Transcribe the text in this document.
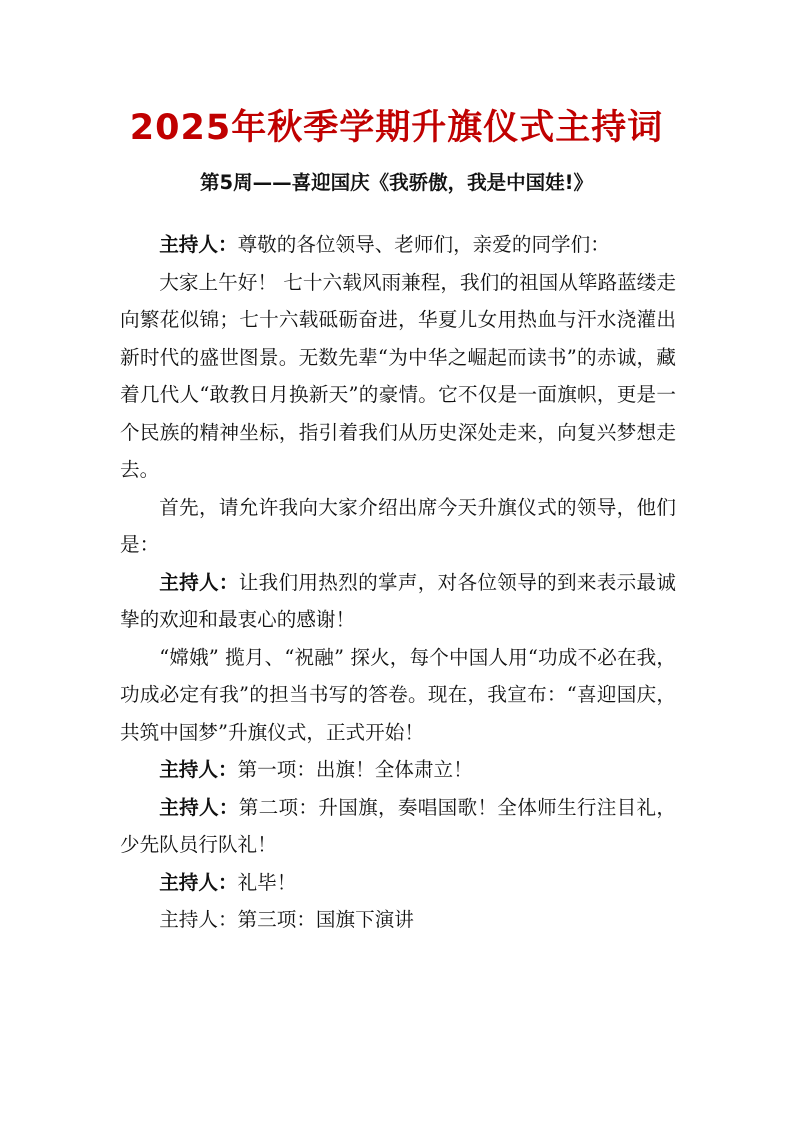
2025年秋季学期升旗仪式主持词
第5周——喜迎国庆《我骄傲，我是中国娃!》

主持人：尊敬的各位领导、老师们，亲爱的同学们：

大家上午好！ 七十六载风雨兼程，我们的祖国从筚路蓝缕走向繁花似锦；七十六载砥砺奋进，华夏儿女用热血与汗水浇灌出新时代的盛世图景。无数先辈“为中华之崛起而读书”的赤诚，藏着几代人“敢教日月换新天”的豪情。它不仅是一面旗帜，更是一个民族的精神坐标，指引着我们从历史深处走来，向复兴梦想走去。

首先，请允许我向大家介绍出席今天升旗仪式的领导，他们是：

主持人：让我们用热烈的掌声，对各位领导的到来表示最诚挚的欢迎和最衷心的感谢！

“嫦娥” 揽月、“祝融” 探火，每个中国人用“功成不必在我，功成必定有我”的担当书写的答卷。现在，我宣布：“喜迎国庆，共筑中国梦”升旗仪式，正式开始！

主持人：第一项：出旗！全体肃立！

主持人：第二项：升国旗，奏唱国歌！全体师生行注目礼，少先队员行队礼！

主持人：礼毕！

主持人：第三项：国旗下演讲
